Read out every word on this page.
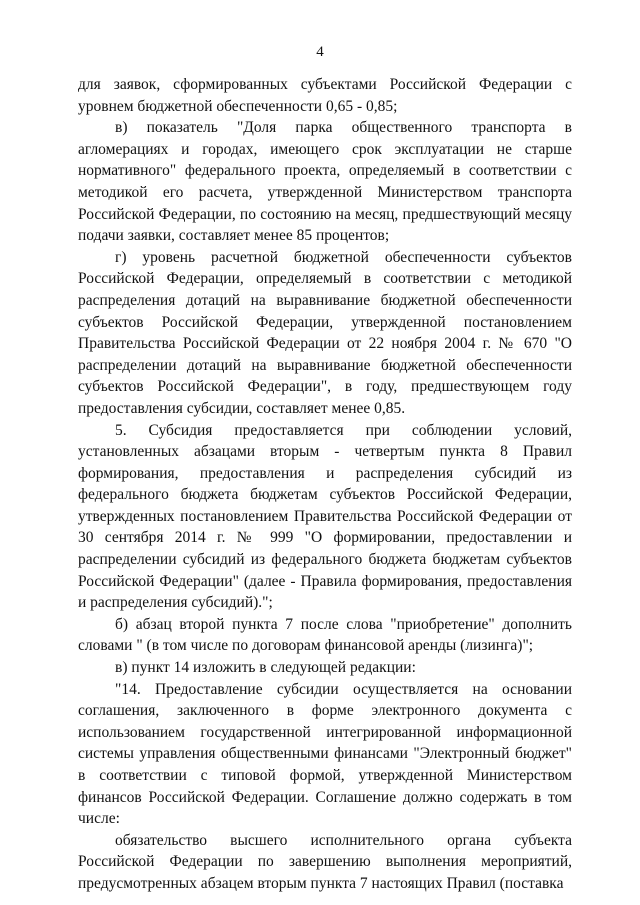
4

для заявок, сформированных субъектами Российской Федерации с уровнем бюджетной обеспеченности 0,65 - 0,85;

в) показатель "Доля парка общественного транспорта в агломерациях и городах, имеющего срок эксплуатации не старше нормативного" федерального проекта, определяемый в соответствии с методикой его расчета, утвержденной Министерством транспорта Российской Федерации, по состоянию на месяц, предшествующий месяцу подачи заявки, составляет менее 85 процентов;

г) уровень расчетной бюджетной обеспеченности субъектов Российской Федерации, определяемый в соответствии с методикой распределения дотаций на выравнивание бюджетной обеспеченности субъектов Российской Федерации, утвержденной постановлением Правительства Российской Федерации от 22 ноября 2004 г. № 670 "О распределении дотаций на выравнивание бюджетной обеспеченности субъектов Российской Федерации", в году, предшествующем году предоставления субсидии, составляет менее 0,85.

5. Субсидия предоставляется при соблюдении условий, установленных абзацами вторым - четвертым пункта 8 Правил формирования, предоставления и распределения субсидий из федерального бюджета бюджетам субъектов Российской Федерации, утвержденных постановлением Правительства Российской Федерации от 30 сентября 2014 г. № 999 "О формировании, предоставлении и распределении субсидий из федерального бюджета бюджетам субъектов Российской Федерации" (далее - Правила формирования, предоставления и распределения субсидий).";

б) абзац второй пункта 7 после слова "приобретение" дополнить словами " (в том числе по договорам финансовой аренды (лизинга)";

в) пункт 14 изложить в следующей редакции:

"14. Предоставление субсидии осуществляется на основании соглашения, заключенного в форме электронного документа с использованием государственной интегрированной информационной системы управления общественными финансами "Электронный бюджет" в соответствии с типовой формой, утвержденной Министерством финансов Российской Федерации. Соглашение должно содержать в том числе:

обязательство высшего исполнительного органа субъекта Российской Федерации по завершению выполнения мероприятий, предусмотренных абзацем вторым пункта 7 настоящих Правил (поставка
